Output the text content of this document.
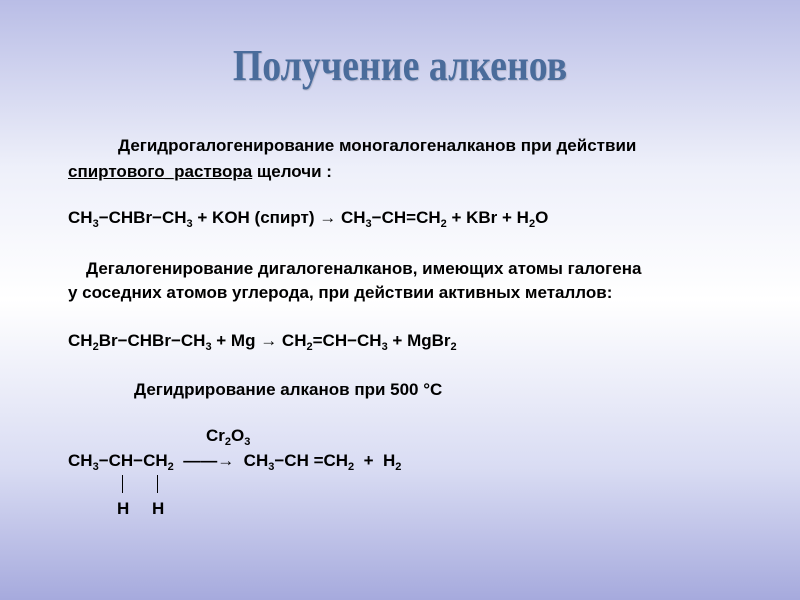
Получение алкенов
Дегидрогалогенирование моногалогеналканов при действии
спиртового_раствора щелочи :
$CH_3-CHBr-CH_3$ + KOH (спирт) → $CH_3-CH=CH_2$ + KBr + $H_2O$
Дегалогенирование дигалогеналканов, имеющих атомы галогена
у соседних атомов углерода, при действии активных металлов:
$CH_2Br-CHBr-CH_3 + Mg \to CH_2=CH-CH_3$ + MgBr$_2$
Дегидрирование алканов при 500 °С
$Cr_2O_3$
$CH_3-CH-CH_2$  ——→  $CH_3-CH =CH_2 + H_2$
H H
